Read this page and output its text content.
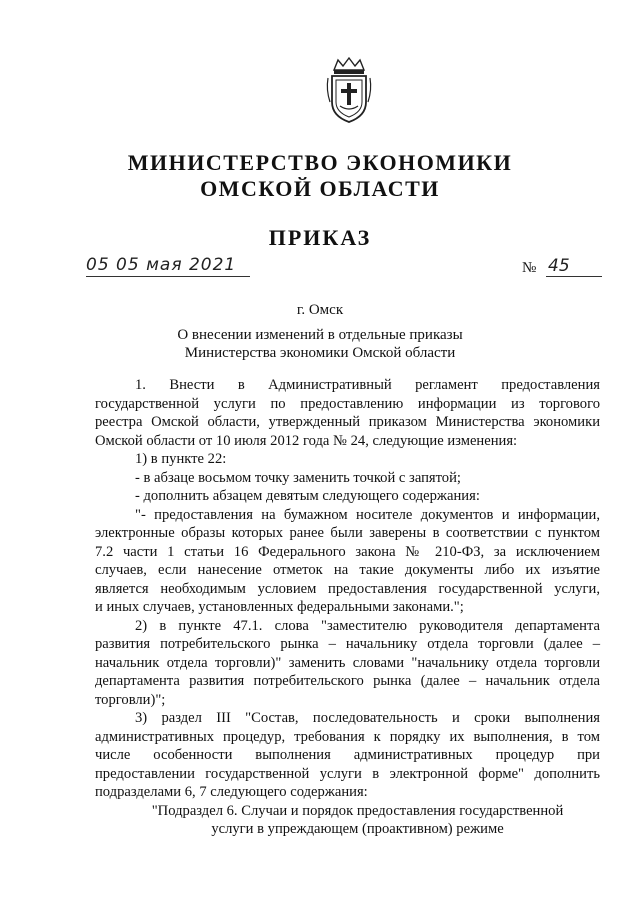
МИНИСТЕРСТВО ЭКОНОМИКИ
ОМСКОЙ ОБЛАСТИ
ПРИКАЗ
05 05 мая 2021	№ 45
г. Омск
О внесении изменений в отдельные приказы
Министерства экономики Омской области

1. Внести в Административный регламент предоставления

государственной услуги по предоставлению информации из торгового

реестра Омской области, утвержденный приказом Министерства экономики

Омской области от 10 июля 2012 года № 24, следующие изменения:

1) в пункте 22:

- в абзаце восьмом точку заменить точкой с запятой;

- дополнить абзацем девятым следующего содержания:

"- предоставления на бумажном носителе документов и информации,

электронные образы которых ранее были заверены в соответствии с пунктом

7.2 части 1 статьи 16 Федерального закона № 210-ФЗ, за исключением

случаев, если нанесение отметок на такие документы либо их изъятие

является необходимым условием предоставления государственной услуги,

и иных случаев, установленных федеральными законами.";

2) в пункте 47.1. слова "заместителю руководителя департамента

развития потребительского рынка – начальнику отдела торговли (далее –

начальник отдела торговли)" заменить словами "начальнику отдела торговли

департамента развития потребительского рынка (далее – начальник отдела

торговли)";

3) раздел III "Состав, последовательность и сроки выполнения

административных процедур, требования к порядку их выполнения, в том

числе особенности выполнения административных процедур при

предоставлении государственной услуги в электронной форме" дополнить

подразделами 6, 7 следующего содержания:

"Подраздел 6. Случаи и порядок предоставления государственной

услуги в упреждающем (проактивном) режиме
